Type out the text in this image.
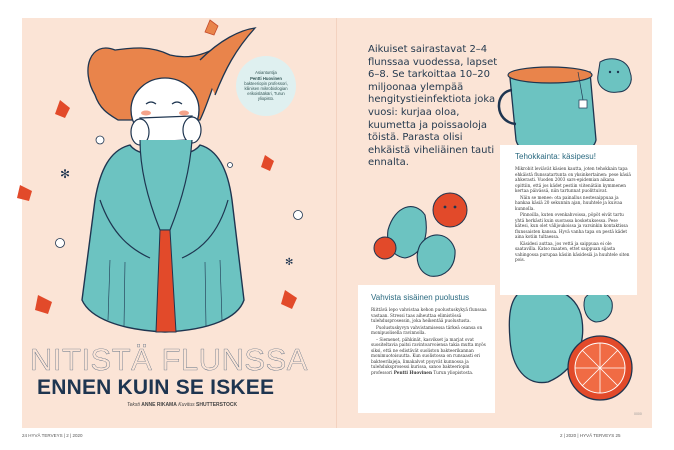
✻
✻
Asiantuntija
Pentti Huovinen
bakteeriopin professori, kliinisen mikrobiologian erikoislääkäri, Turun yliopisto.
NITISTÄ FLUNSSA
ENNEN KUIN SE ISKEE
Teksti ANNE RIKAMA Kuvitus SHUTTERSTOCK
Aikuiset sairastavat 2–4 flunssaa vuodessa, lapset 6–8. Se tarkoittaa 10–20 miljoonaa ylempää hengitystieinfektiota joka vuosi: kurjaa oloa, kuumetta ja poissaoloja töistä. Parasta olisi ehkäistä viheliäinen tauti ennalta.
Tehokkainta: käsipesu!

Mikrobit leviävät käsien kautta, joten tehokkain tapa ehkäistä flunssatartunta on yksinkertainen: pese käsiä ahkerasti. Vuoden 2003 sars-epidemian aikana opittiin, että jos kädet pestiin viitenätäin kymmenen kertaa päivässä, niin tartunnat puolittuivat.

Näin se menee: ota painallus nestesaippuaa ja hankaa käsiä 20 sekunnin ajan, huuhtele ja kuivaa kunnolla.

Pinnoilla, kuten ovenkahvoissa, pöpöt eivät tartu yhtä herkästi kuin suorassa kosketuksessa. Pese kätesi, kun olet välijoukoissa ja varsinkin kontaktissa flunssaisten kanssa. Hyvä vanha tapa on pestä kädet aina kotiin tultaessa.

Käsidesi auttaa, jos vettä ja saippuaa ei ole saatavilla. Katso maaten, ettet saippuan sijasta vahingossa purupaa käsiin käsidesiä ja huuhtele siten pois.

Vahvista sisäinen puolustus

Riittävä lepo vahvistaa kehon puolustuskykyä flunssaa vastaan. Stressi taas aiheuttaa elimistössä tulehdusprosessin, joka heikentää puolustusta.

Puolustuskyvyn vahvistamisessa tärkeä osansa on monipuolisella ravinnolla.

– Siemenet, pähkinät, kasvikset ja marjat ovat suositeltavia paitsi ravintoarvoiensa takia mutta myös siksi, että ne edistävät suoliston bakteerikannan monimuotoisuutta. Kun suolistossa on runsaasti eri bakteerilajeja, limakalvot pysyvät kunnossa ja tulehduksprosessi kurissa, sanoo bakteeriopin professori Pentti Huovinen Turun yliopistosta.

0000
24 HYVÄ TERVEYS | 2 | 2020	2 | 2020 | HYVÄ TERVEYS 25
